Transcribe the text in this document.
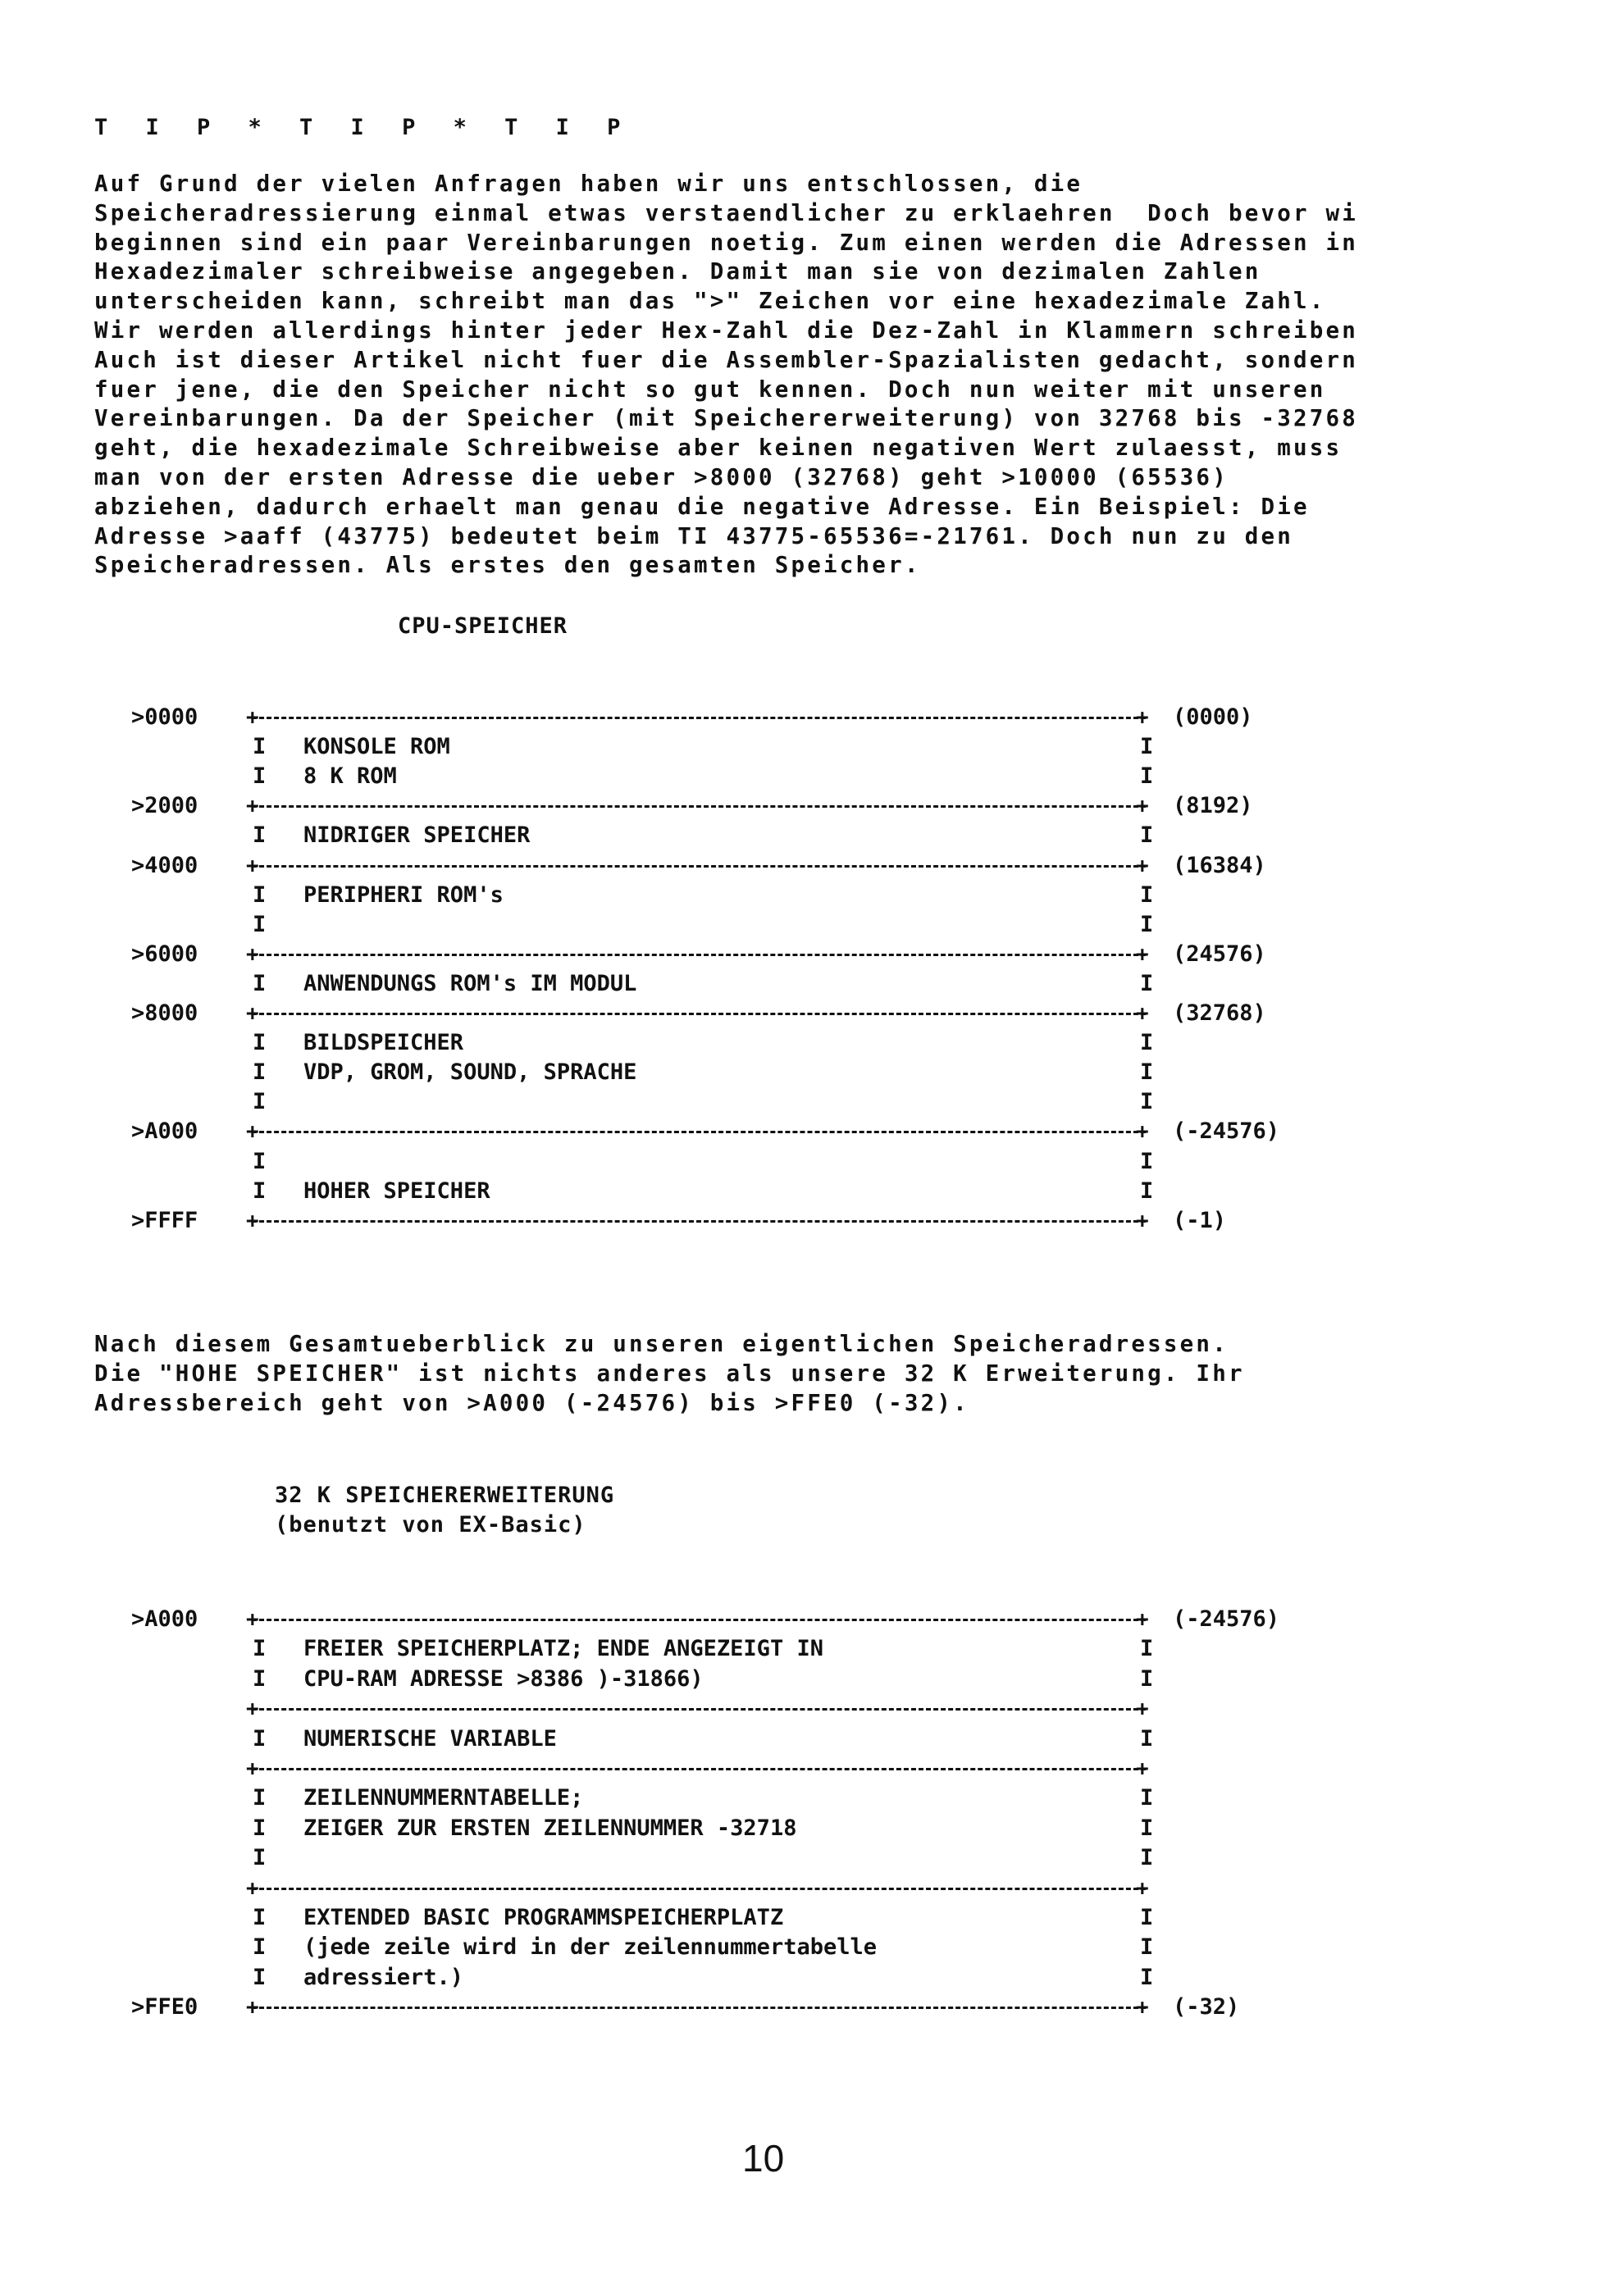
T I P * T I P * T I P
Auf Grund der vielen Anfragen haben wir uns entschlossen, die
Speicheradressierung einmal etwas verstaendlicher zu erklaehren  Doch bevor wi
beginnen sind ein paar Vereinbarungen noetig. Zum einen werden die Adressen in
Hexadezimaler schreibweise angegeben. Damit man sie von dezimalen Zahlen
unterscheiden kann, schreibt man das ">" Zeichen vor eine hexadezimale Zahl.
Wir werden allerdings hinter jeder Hex-Zahl die Dez-Zahl in Klammern schreiben
Auch ist dieser Artikel nicht fuer die Assembler-Spazialisten gedacht, sondern
fuer jene, die den Speicher nicht so gut kennen. Doch nun weiter mit unseren
Vereinbarungen. Da der Speicher (mit Speichererweiterung) von 32768 bis -32768
geht, die hexadezimale Schreibweise aber keinen negativen Wert zulaesst, muss
man von der ersten Adresse die ueber >8000 (32768) geht >10000 (65536)
abziehen, dadurch erhaelt man genau die negative Adresse. Ein Beispiel: Die
Adresse >aaff (43775) bedeutet beim TI 43775-65536=-21761. Doch nun zu den
Speicheradressen. Als erstes den gesamten Speicher.
CPU-SPEICHER
>0000 +	+ (0000)
I KONSOLE ROM	I
I 8 K ROM	I
>2000 +	+ (8192)
I NIDRIGER SPEICHER	I
>4000 +	+ (16384)
I PERIPHERI ROM's	I
I	I
>6000 +	+ (24576)
I ANWENDUNGS ROM's IM MODUL	I
>8000 +	+ (32768)
I BILDSPEICHER	I
I VDP, GROM, SOUND, SPRACHE	I
I	I
>A000 +	+ (-24576)
I	I
I HOHER SPEICHER	I
>FFFF +	+ (-1)
Nach diesem Gesamtueberblick zu unseren eigentlichen Speicheradressen.
Die "HOHE SPEICHER" ist nichts anderes als unsere 32 K Erweiterung. Ihr
Adressbereich geht von >A000 (-24576) bis >FFE0 (-32).
32 K SPEICHERERWEITERUNG
(benutzt von EX-Basic)
>A000 +	+ (-24576)
I FREIER SPEICHERPLATZ; ENDE ANGEZEIGT IN	I
I CPU-RAM ADRESSE >8386 )-31866)	I
+	+
I NUMERISCHE VARIABLE	I
+	+
I ZEILENNUMMERNTABELLE;	I
I ZEIGER ZUR ERSTEN ZEILENNUMMER -32718	I
I	I
+	+
I EXTENDED BASIC PROGRAMMSPEICHERPLATZ	I
I (jede zeile wird in der zeilennummertabelle	I
I adressiert.)	I
>FFE0 +	+ (-32)
10
